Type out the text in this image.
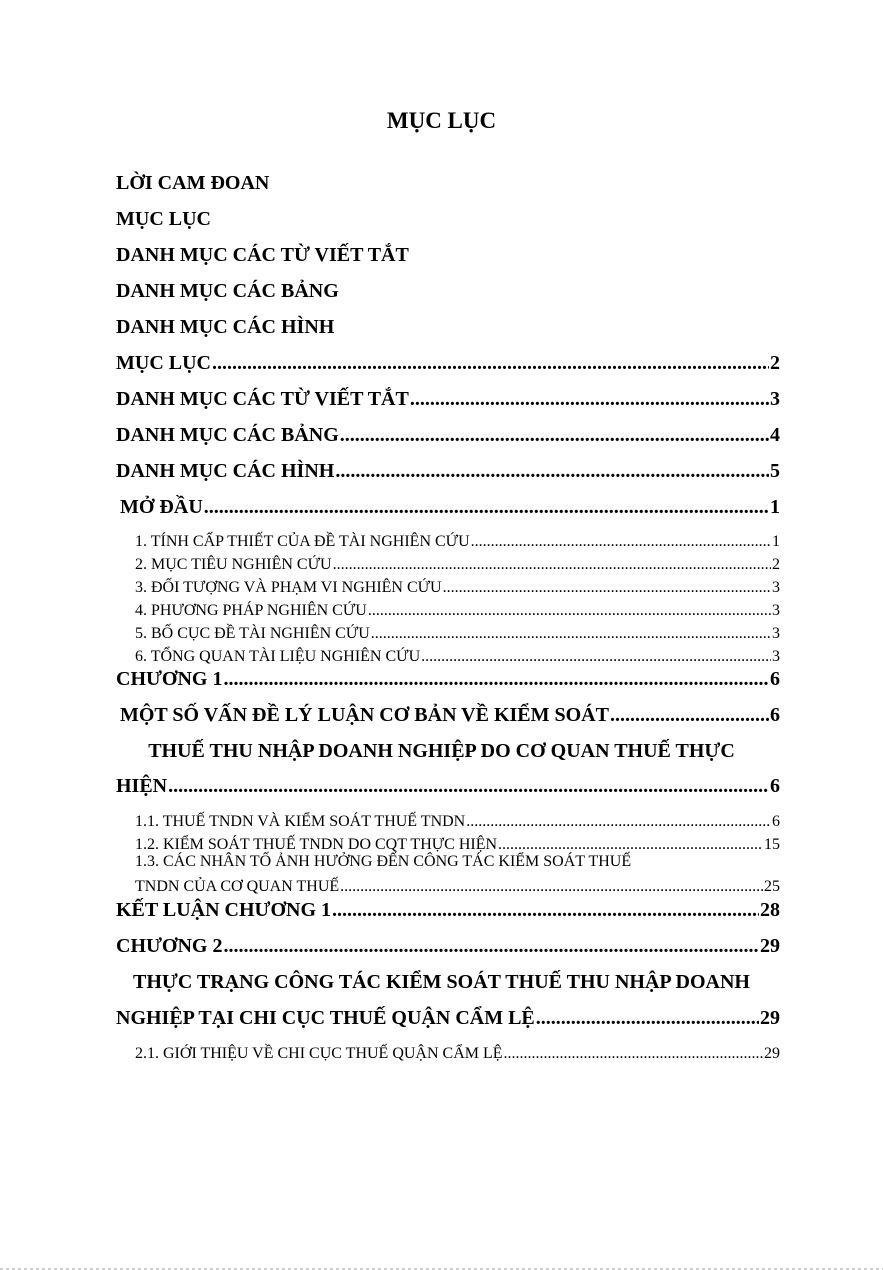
MỤC LỤC
LỜI CAM ĐOAN
MỤC LỤC
DANH MỤC CÁC TỪ VIẾT TẮT
DANH MỤC CÁC BẢNG
DANH MỤC CÁC HÌNH
MỤC LỤC .....	2
DANH MỤC CÁC TỪ VIẾT TẮT .....	3
DANH MỤC CÁC BẢNG .....	4
DANH MỤC CÁC HÌNH .....	5
MỞ ĐẦU .....	1
1. TÍNH CẤP THIẾT CỦA ĐỀ TÀI NGHIÊN CỨU .....	1
2. MỤC TIÊU NGHIÊN CỨU .....	2
3. ĐỐI TƯỢNG VÀ PHẠM VI NGHIÊN CỨU .....	3
4. PHƯƠNG PHÁP NGHIÊN CỨU .....	3
5. BỐ CỤC ĐỀ TÀI NGHIÊN CỨU .....	3
6. TỔNG QUAN TÀI LIỆU NGHIÊN CỨU .....	3
CHƯƠNG 1 .....	6
MỘT SỐ VẤN ĐỀ LÝ LUẬN CƠ BẢN VỀ KIỂM SOÁT .....	6
THUẾ THU NHẬP DOANH NGHIỆP DO CƠ QUAN THUẾ THỰC
HIỆN .....	6
1.1. THUẾ TNDN VÀ KIỂM SOÁT THUẾ TNDN .....	6
1.2. KIỂM SOÁT THUẾ TNDN DO CQT THỰC HIỆN .....	15
1.3. CÁC NHÂN TỐ ẢNH HƯỞNG ĐẾN CÔNG TÁC KIỂM SOÁT THUẾ
TNDN CỦA CƠ QUAN THUẾ .....	25
KẾT LUẬN CHƯƠNG 1 .....	28
CHƯƠNG 2 .....	29
THỰC TRẠNG CÔNG TÁC KIỂM SOÁT THUẾ THU NHẬP DOANH
NGHIỆP TẠI CHI CỤC THUẾ QUẬN CẨM LỆ .....	29
2.1. GIỚI THIỆU VỀ CHI CỤC THUẾ QUẬN CẨM LỆ .....	29
